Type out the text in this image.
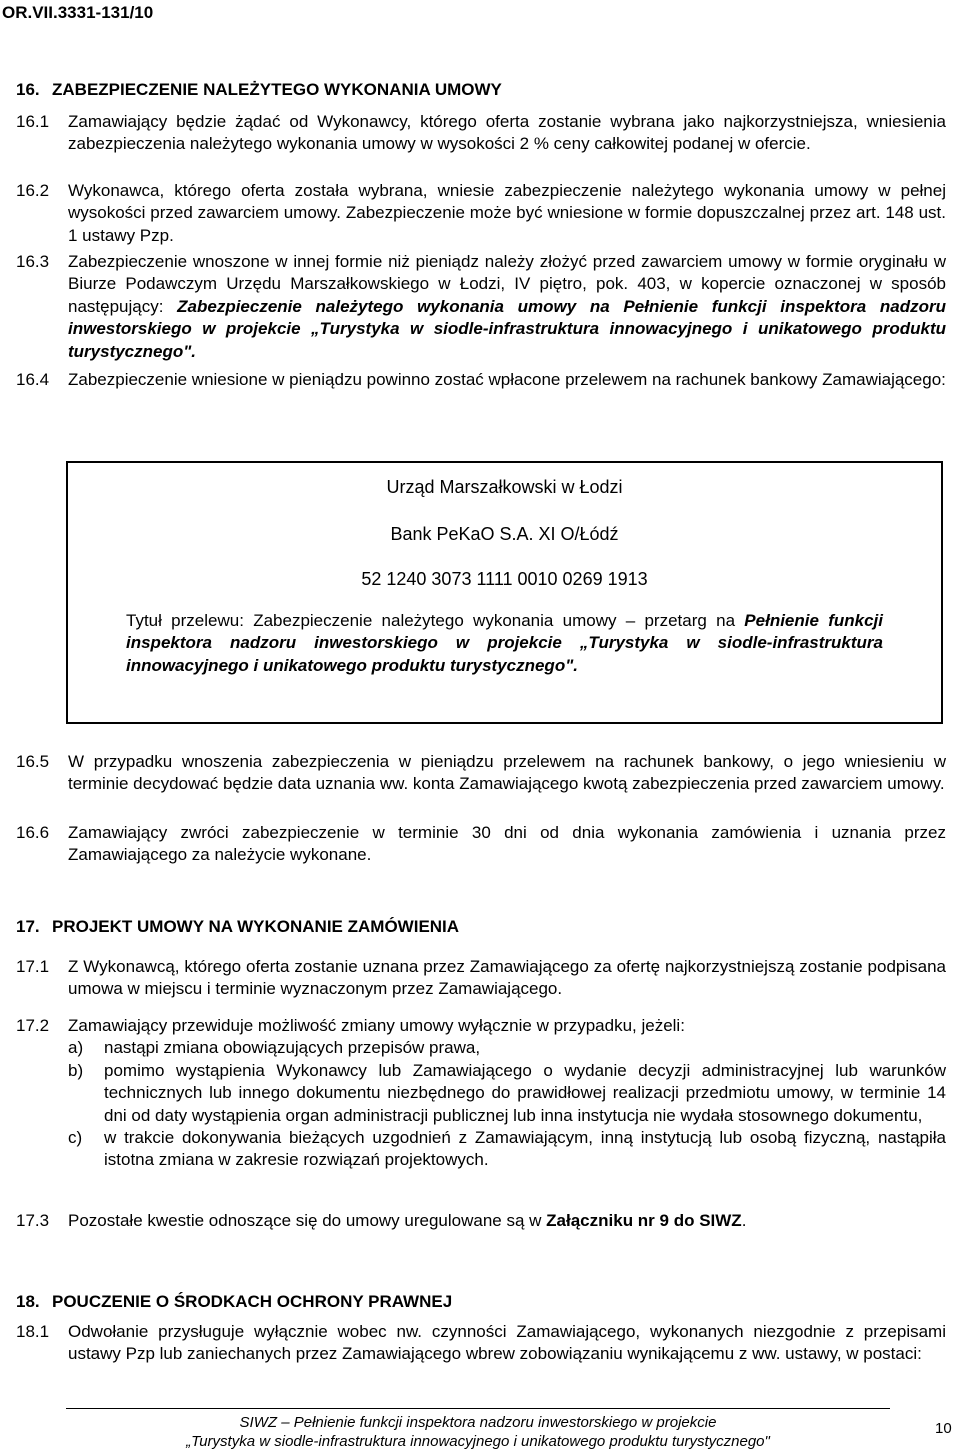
OR.VII.3331-131/10
16. ZABEZPIECZENIE NALEŻYTEGO WYKONANIA UMOWY
16.1	Zamawiający będzie żądać od Wykonawcy, którego oferta zostanie wybrana jako najkorzystniejsza, wniesienia zabezpieczenia należytego wykonania umowy w wysokości 2 % ceny całkowitej podanej w ofercie.
16.2	Wykonawca, którego oferta została wybrana, wniesie zabezpieczenie należytego wykonania umowy w pełnej wysokości przed zawarciem umowy. Zabezpieczenie może być wniesione w formie dopuszczalnej przez art. 148 ust. 1 ustawy Pzp.
16.3	Zabezpieczenie wnoszone w innej formie niż pieniądz należy złożyć przed zawarciem umowy w formie oryginału w Biurze Podawczym Urzędu Marszałkowskiego w Łodzi, IV piętro, pok. 403, w kopercie oznaczonej w sposób następujący: Zabezpieczenie należytego wykonania umowy na Pełnienie funkcji inspektora nadzoru inwestorskiego w projekcie „Turystyka w siodle-infrastruktura innowacyjnego i unikatowego produktu turystycznego".
16.4	Zabezpieczenie wniesione w pieniądzu powinno zostać wpłacone przelewem na rachunek bankowy Zamawiającego:
Urząd Marszałkowski w Łodzi
Bank PeKaO S.A. XI O/Łódź
52 1240 3073 1111 0010 0269 1913
Tytuł przelewu: Zabezpieczenie należytego wykonania umowy – przetarg na Pełnienie funkcji inspektora nadzoru inwestorskiego w projekcie „Turystyka w siodle-infrastruktura innowacyjnego i unikatowego produktu turystycznego".
16.5	W przypadku wnoszenia zabezpieczenia w pieniądzu przelewem na rachunek bankowy, o jego wniesieniu w terminie decydować będzie data uznania ww. konta Zamawiającego kwotą zabezpieczenia przed zawarciem umowy.
16.6	Zamawiający zwróci zabezpieczenie w terminie 30 dni od dnia wykonania zamówienia i uznania przez Zamawiającego za należycie wykonane.
17. PROJEKT UMOWY NA WYKONANIE ZAMÓWIENIA
17.1	Z Wykonawcą, którego oferta zostanie uznana przez Zamawiającego za ofertę najkorzystniejszą zostanie podpisana umowa w miejscu i terminie wyznaczonym przez Zamawiającego.
17.2	Zamawiający przewiduje możliwość zmiany umowy wyłącznie w przypadku, jeżeli:
a)	nastąpi zmiana obowiązujących przepisów prawa,
b)	pomimo wystąpienia Wykonawcy lub Zamawiającego o wydanie decyzji administracyjnej lub warunków technicznych lub innego dokumentu niezbędnego do prawidłowej realizacji przedmiotu umowy, w terminie 14 dni od daty wystąpienia organ administracji publicznej lub inna instytucja nie wydała stosownego dokumentu,
c)	w trakcie dokonywania bieżących uzgodnień z Zamawiającym, inną instytucją lub osobą fizyczną, nastąpiła istotna zmiana w zakresie rozwiązań projektowych.
17.3	Pozostałe kwestie odnoszące się do umowy uregulowane są w Załączniku nr 9 do SIWZ.
18. POUCZENIE O ŚRODKACH OCHRONY PRAWNEJ
18.1	Odwołanie przysługuje wyłącznie wobec nw. czynności Zamawiającego, wykonanych niezgodnie z przepisami ustawy Pzp lub zaniechanych przez Zamawiającego wbrew zobowiązaniu wynikającemu z ww. ustawy, w postaci:
SIWZ – Pełnienie funkcji inspektora nadzoru inwestorskiego w projekcie
„Turystyka w siodle-infrastruktura innowacyjnego i unikatowego produktu turystycznego"
10
